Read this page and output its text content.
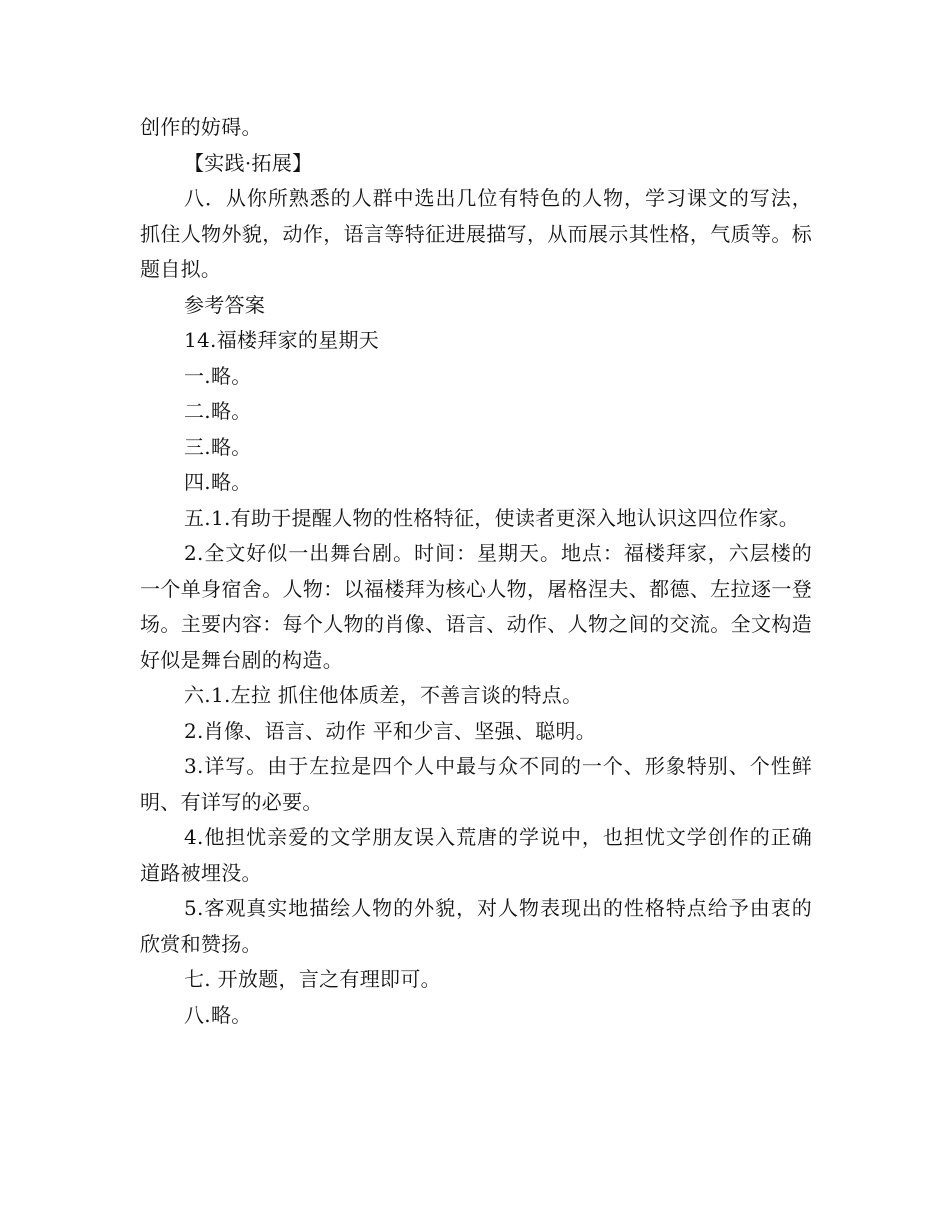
创作的妨碍。

【实践·拓展】

八．从你所熟悉的人群中选出几位有特色的人物，学习课文的写法，抓住人物外貌，动作，语言等特征进展描写，从而展示其性格，气质等。标题自拟。

参考答案

14.福楼拜家的星期天

一.略。

二.略。

三.略。

四.略。

五.1.有助于提醒人物的性格特征，使读者更深入地认识这四位作家。

2.全文好似一出舞台剧。时间：星期天。地点：福楼拜家，六层楼的一个单身宿舍。人物：以福楼拜为核心人物，屠格涅夫、都德、左拉逐一登场。主要内容：每个人物的肖像、语言、动作、人物之间的交流。全文构造好似是舞台剧的构造。

六.1.左拉 抓住他体质差，不善言谈的特点。

2.肖像、语言、动作 平和少言、坚强、聪明。

3.详写。由于左拉是四个人中最与众不同的一个、形象特别、个性鲜明、有详写的必要。

4.他担忧亲爱的文学朋友误入荒唐的学说中，也担忧文学创作的正确道路被埋没。

5.客观真实地描绘人物的外貌，对人物表现出的性格特点给予由衷的欣赏和赞扬。

七. 开放题，言之有理即可。

八.略。
